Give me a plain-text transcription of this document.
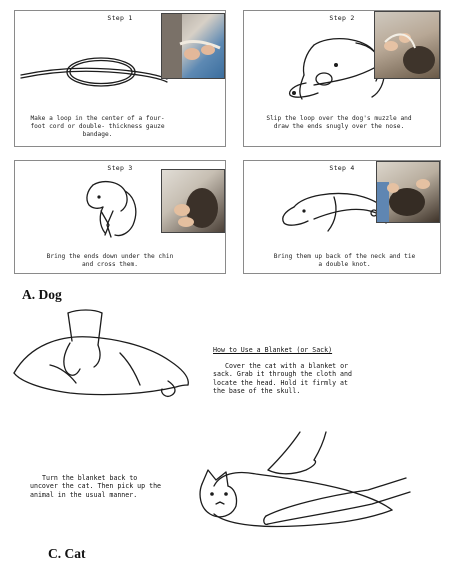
Step 1
Make a loop in the center of a four-foot cord or double- thickness gauze bandage.
Step 2
Slip the loop over the dog's muzzle and draw the ends snugly over the nose.
Step 3
Bring the ends down under the chin and cross them.
Step 4
Bring them up back of the neck and tie a double knot.
A. Dog
How to Use a Blanket (or Sack)
Cover the cat with a blanket or sack. Grab it through the cloth and locate the head. Hold it firmly at the base of the skull.
Turn the blanket back to uncover the cat. Then pick up the animal in the usual manner.
C. Cat
